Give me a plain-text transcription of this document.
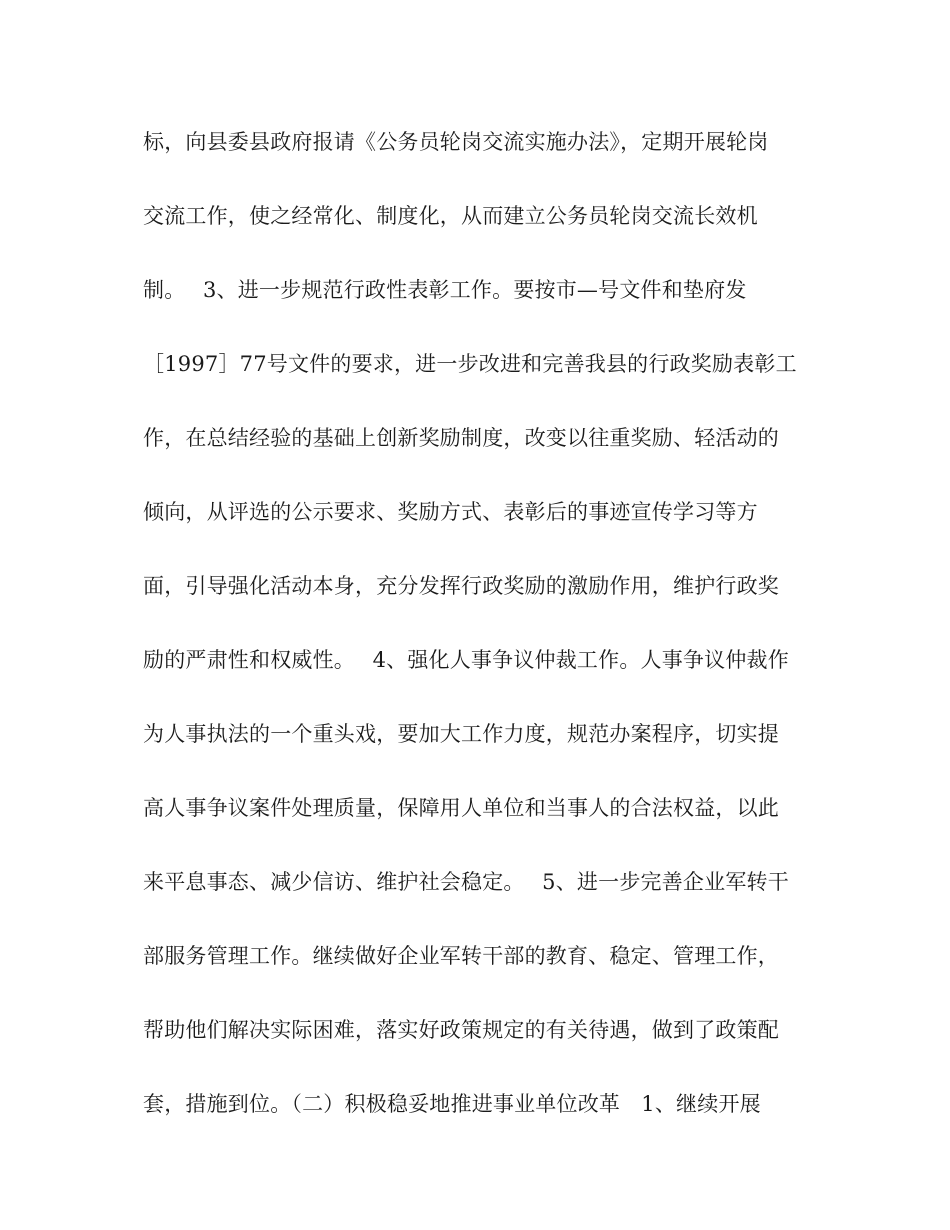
标，向县委县政府报请《公务员轮岗交流实施办法》，定期开展轮岗
交流工作，使之经常化、制度化，从而建立公务员轮岗交流长效机
制。　 3、进一步规范行政性表彰工作。要按市—号文件和垫府发
［1997］77号文件的要求，进一步改进和完善我县的行政奖励表彰工
作，在总结经验的基础上创新奖励制度，改变以往重奖励、轻活动的
倾向，从评选的公示要求、奖励方式、表彰后的事迹宣传学习等方
面，引导强化活动本身，充分发挥行政奖励的激励作用，维护行政奖
励的严肃性和权威性。　 4、强化人事争议仲裁工作。人事争议仲裁作
为人事执法的一个重头戏，要加大工作力度，规范办案程序，切实提
高人事争议案件处理质量，保障用人单位和当事人的合法权益，以此
来平息事态、减少信访、维护社会稳定。　 5、进一步完善企业军转干
部服务管理工作。继续做好企业军转干部的教育、稳定、管理工作，
帮助他们解决实际困难，落实好政策规定的有关待遇，做到了政策配
套，措施到位。（二）积极稳妥地推进事业单位改革　1、继续开展
